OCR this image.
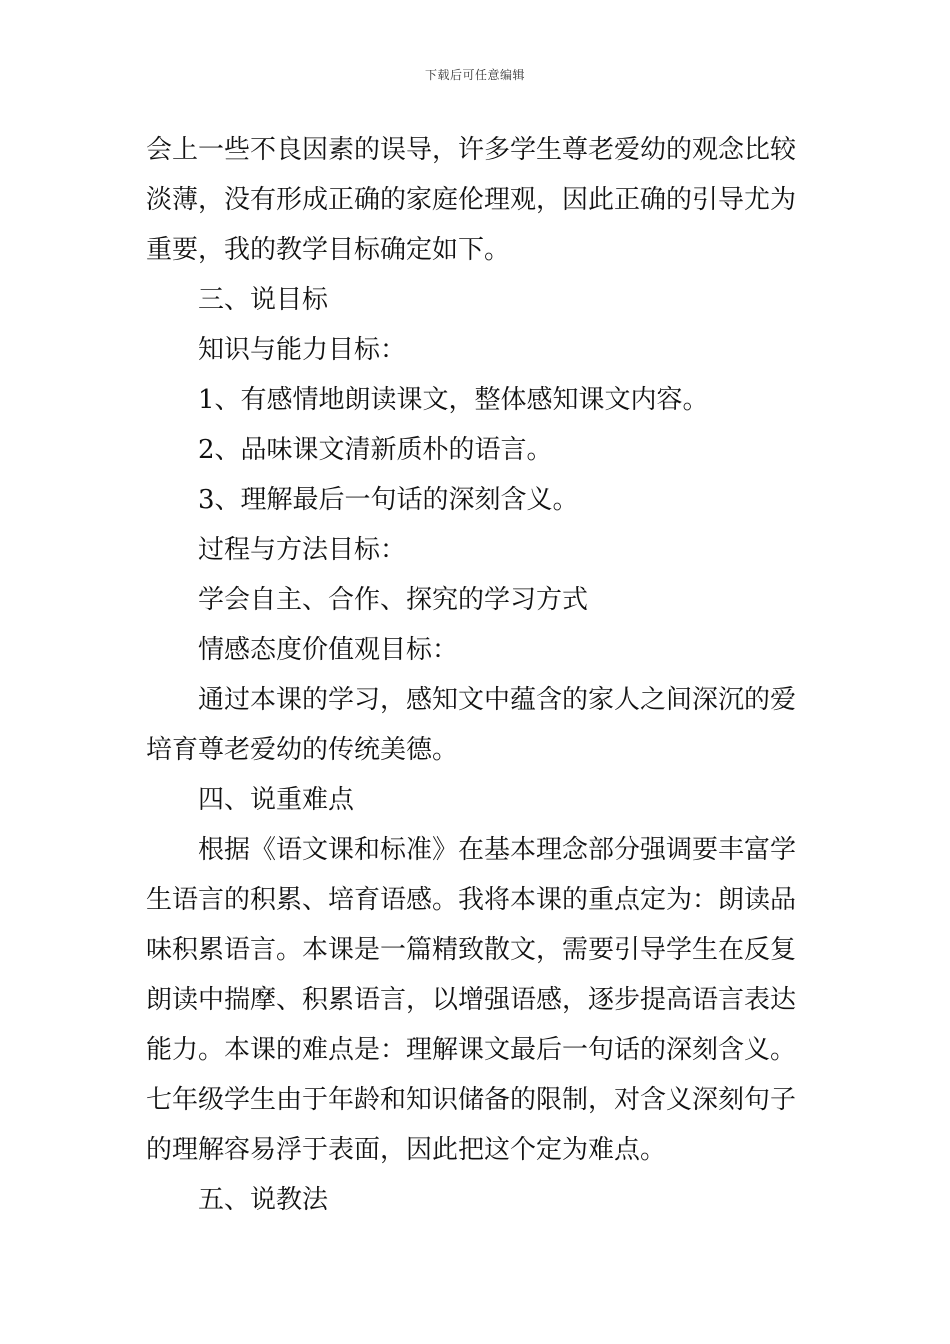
下载后可任意编辑
会上一些不良因素的误导，许多学生尊老爱幼的观念比较
淡薄，没有形成正确的家庭伦理观，因此正确的引导尤为
重要，我的教学目标确定如下。
三、说目标
知识与能力目标：
1、有感情地朗读课文，整体感知课文内容。
2、品味课文清新质朴的语言。
3、理解最后一句话的深刻含义。
过程与方法目标：
学会自主、合作、探究的学习方式
情感态度价值观目标：
通过本课的学习，感知文中蕴含的家人之间深沉的爱
培育尊老爱幼的传统美德。
四、说重难点
根据《语文课和标准》在基本理念部分强调要丰富学
生语言的积累、培育语感。我将本课的重点定为：朗读品
味积累语言。本课是一篇精致散文，需要引导学生在反复
朗读中揣摩、积累语言，以增强语感，逐步提高语言表达
能力。本课的难点是：理解课文最后一句话的深刻含义。
七年级学生由于年龄和知识储备的限制，对含义深刻句子
的理解容易浮于表面，因此把这个定为难点。
五、说教法
